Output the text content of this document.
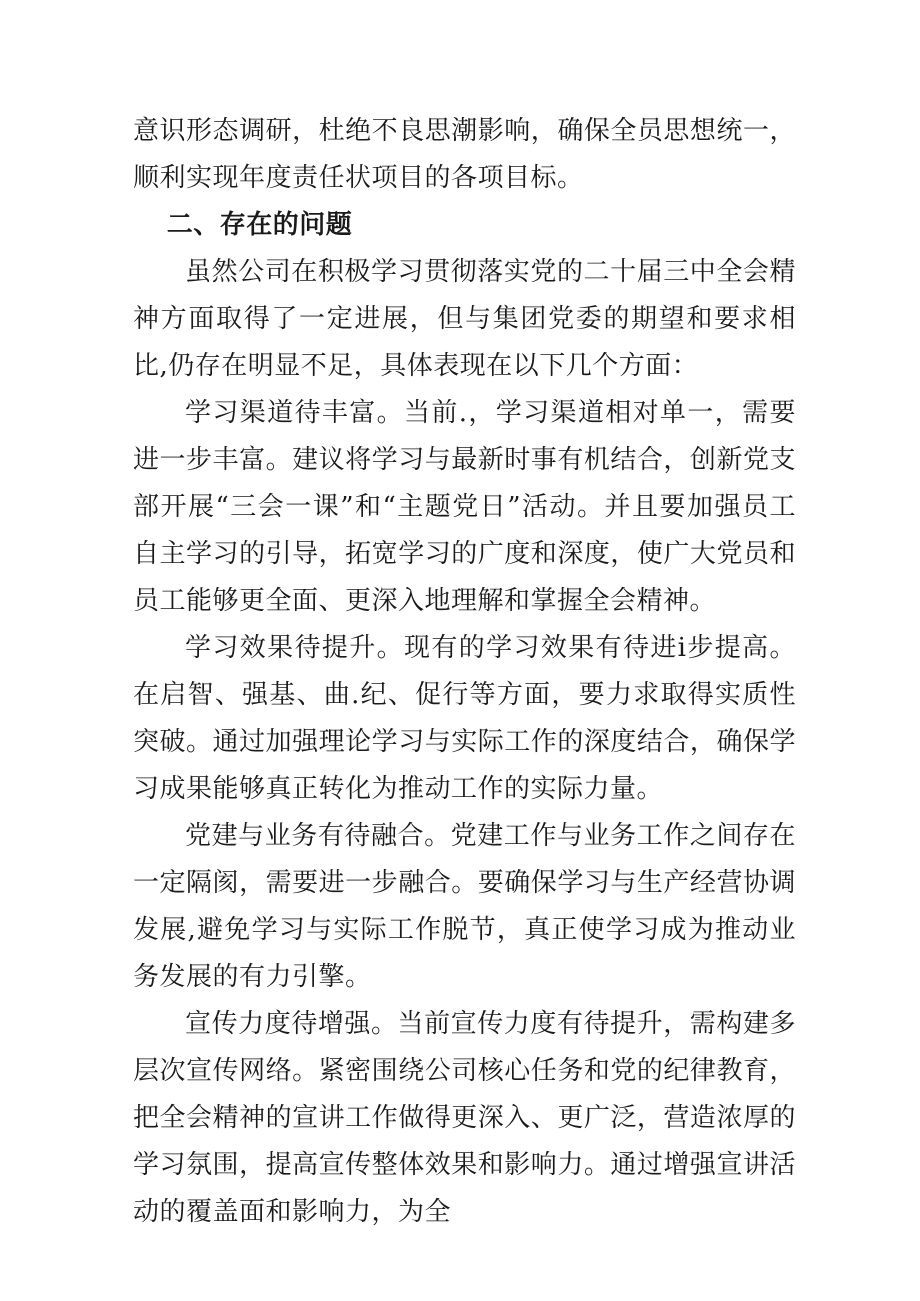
意识形态调研，杜绝不良思潮影响，确保全员思想统一，顺利实现年度责任状项目的各项目标。

二、存在的问题

虽然公司在积极学习贯彻落实党的二十届三中全会精神方面取得了一定进展，但与集团党委的期望和要求相比,仍存在明显不足，具体表现在以下几个方面：

学习渠道待丰富。当前.，学习渠道相对单一，需要进一步丰富。建议将学习与最新时事有机结合，创新党支部开展“三会一课”和“主题党日”活动。并且要加强员工自主学习的引导，拓宽学习的广度和深度，使广大党员和员工能够更全面、更深入地理解和掌握全会精神。

学习效果待提升。现有的学习效果有待进i步提高。在启智、强基、曲.纪、促行等方面，要力求取得实质性突破。通过加强理论学习与实际工作的深度结合，确保学习成果能够真正转化为推动工作的实际力量。

党建与业务有待融合。党建工作与业务工作之间存在一定隔阂，需要进一步融合。要确保学习与生产经营协调发展,避免学习与实际工作脱节，真正使学习成为推动业务发展的有力引擎。

宣传力度待增强。当前宣传力度有待提升，需构建多层次宣传网络。紧密围绕公司核心任务和党的纪律教育，把全会精神的宣讲工作做得更深入、更广泛，营造浓厚的学习氛围，提高宣传整体效果和影响力。通过增强宣讲活动的覆盖面和影响力，为全
